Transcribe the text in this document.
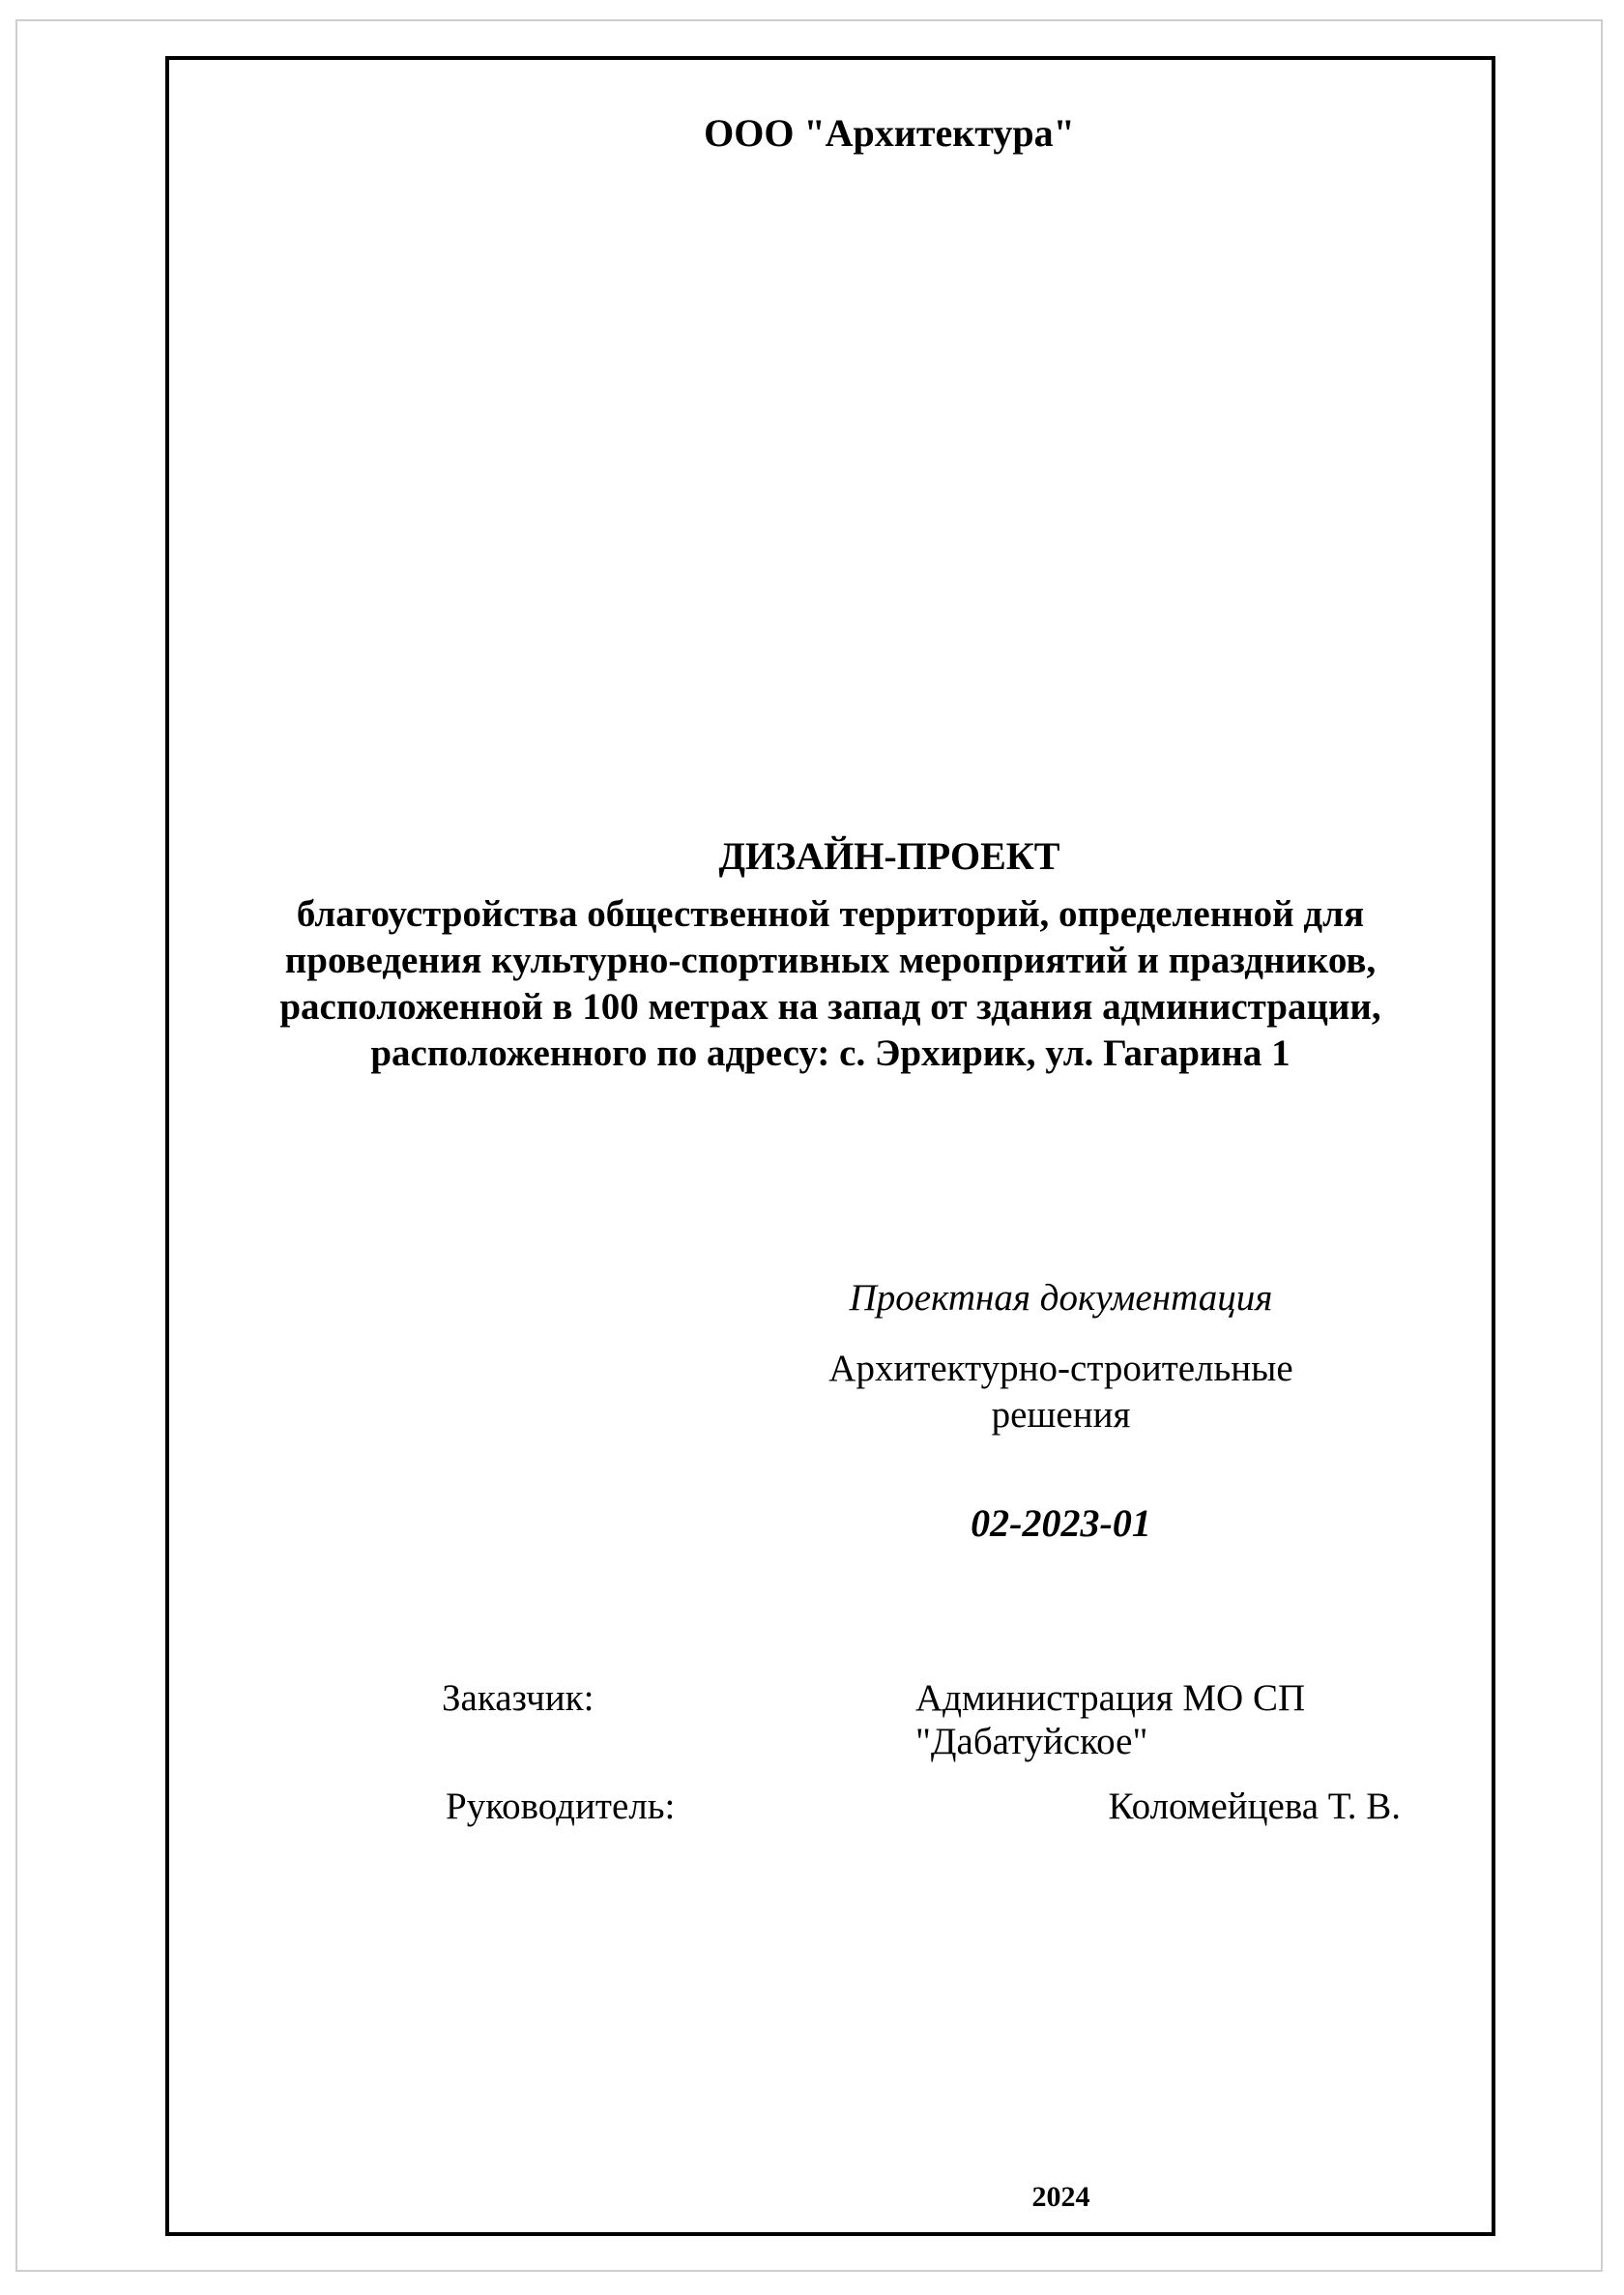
ООО "Архитектура"
ДИЗАЙН-ПРОЕКТ
благоустройства общественной территорий, определенной для
проведения культурно-спортивных мероприятий и праздников,
расположенной в 100 метрах на запад от здания администрации,
расположенного по адресу: с. Эрхирик, ул. Гагарина 1
Проектная документация
Архитектурно-строительные
решения
02-2023-01
Заказчик:	Администрация МО СП "Дабатуйское"
Руководитель:	Коломейцева Т. В.
2024
